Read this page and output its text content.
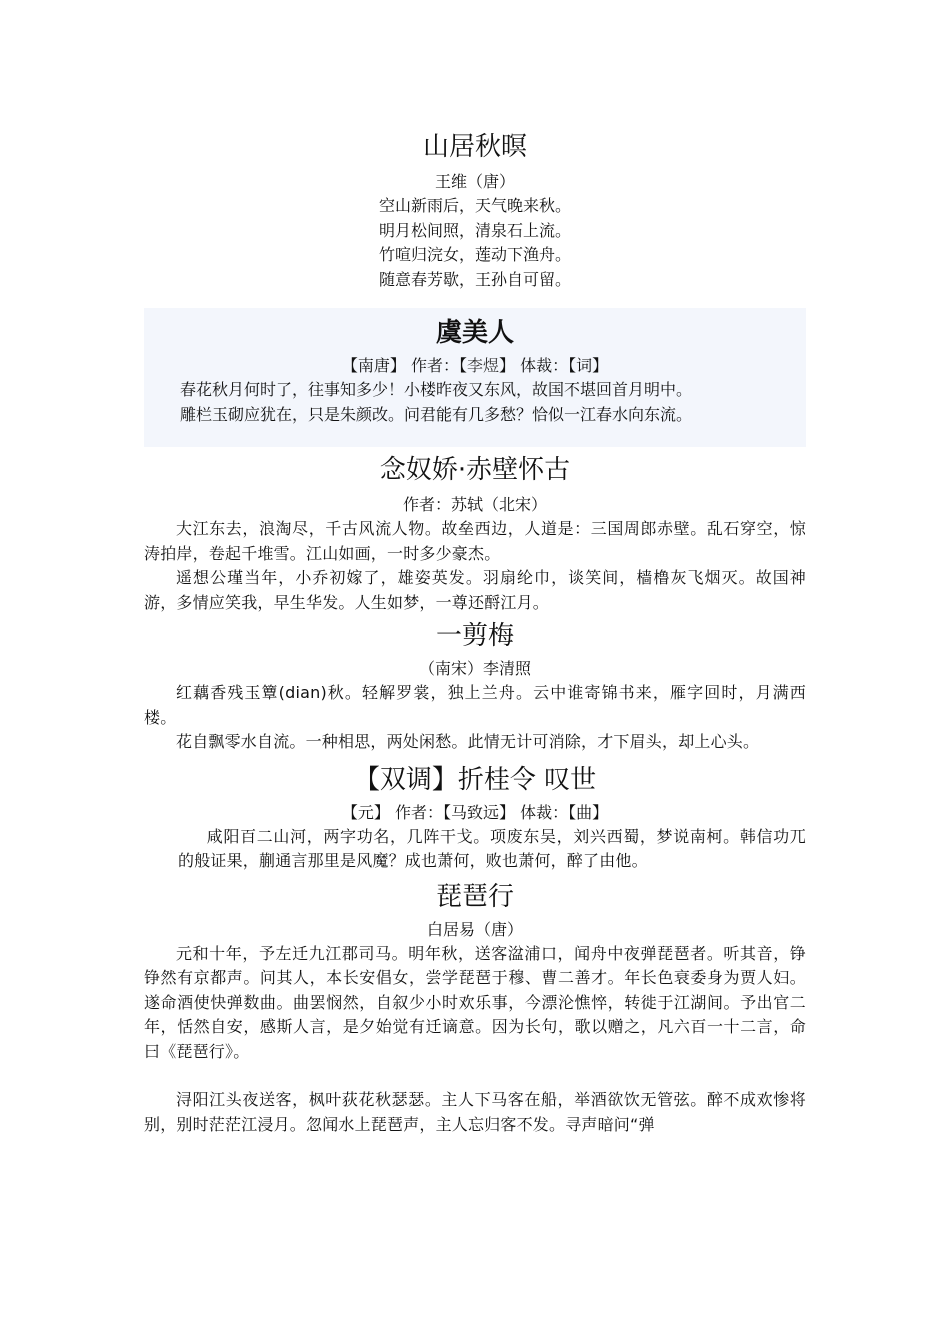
山居秋暝

王维（唐）

空山新雨后，天气晚来秋。

明月松间照，清泉石上流。

竹喧归浣女，莲动下渔舟。

随意春芳歇，王孙自可留。

虞美人

【南唐】 作者：【李煜】 体裁：【词】

春花秋月何时了，往事知多少！小楼昨夜又东风，故国不堪回首月明中。

雕栏玉砌应犹在，只是朱颜改。问君能有几多愁？恰似一江春水向东流。

念奴娇·赤壁怀古

作者：苏轼（北宋）

大江东去，浪淘尽，千古风流人物。故垒西边，人道是：三国周郎赤壁。乱石穿空，惊涛拍岸，卷起千堆雪。江山如画，一时多少豪杰。

遥想公瑾当年，小乔初嫁了，雄姿英发。羽扇纶巾，谈笑间，樯橹灰飞烟灭。故国神游，多情应笑我，早生华发。人生如梦，一尊还酹江月。

一剪梅

（南宋）李清照

红藕香残玉簟(dian)秋。轻解罗裳，独上兰舟。云中谁寄锦书来，雁字回时，月满西楼。

花自飘零水自流。一种相思，两处闲愁。此情无计可消除，才下眉头，却上心头。

【双调】折桂令 叹世

【元】 作者：【马致远】 体裁：【曲】

咸阳百二山河，两字功名，几阵干戈。项废东吴，刘兴西蜀，梦说南柯。韩信功兀的般证果，蒯通言那里是风魔？成也萧何，败也萧何，醉了由他。

琵琶行

白居易（唐）

元和十年，予左迁九江郡司马。明年秋，送客湓浦口，闻舟中夜弹琵琶者。听其音，铮铮然有京都声。问其人，本长安倡女，尝学琵琶于穆、曹二善才。年长色衰委身为贾人妇。遂命酒使快弹数曲。曲罢悯然，自叙少小时欢乐事，今漂沦憔悴，转徙于江湖间。予出官二年，恬然自安，感斯人言，是夕始觉有迁谪意。因为长句，歌以赠之，凡六百一十二言，命曰《琵琶行》。

浔阳江头夜送客，枫叶荻花秋瑟瑟。主人下马客在船，举酒欲饮无管弦。醉不成欢惨将别，别时茫茫江浸月。忽闻水上琵琶声，主人忘归客不发。寻声暗问“弹
